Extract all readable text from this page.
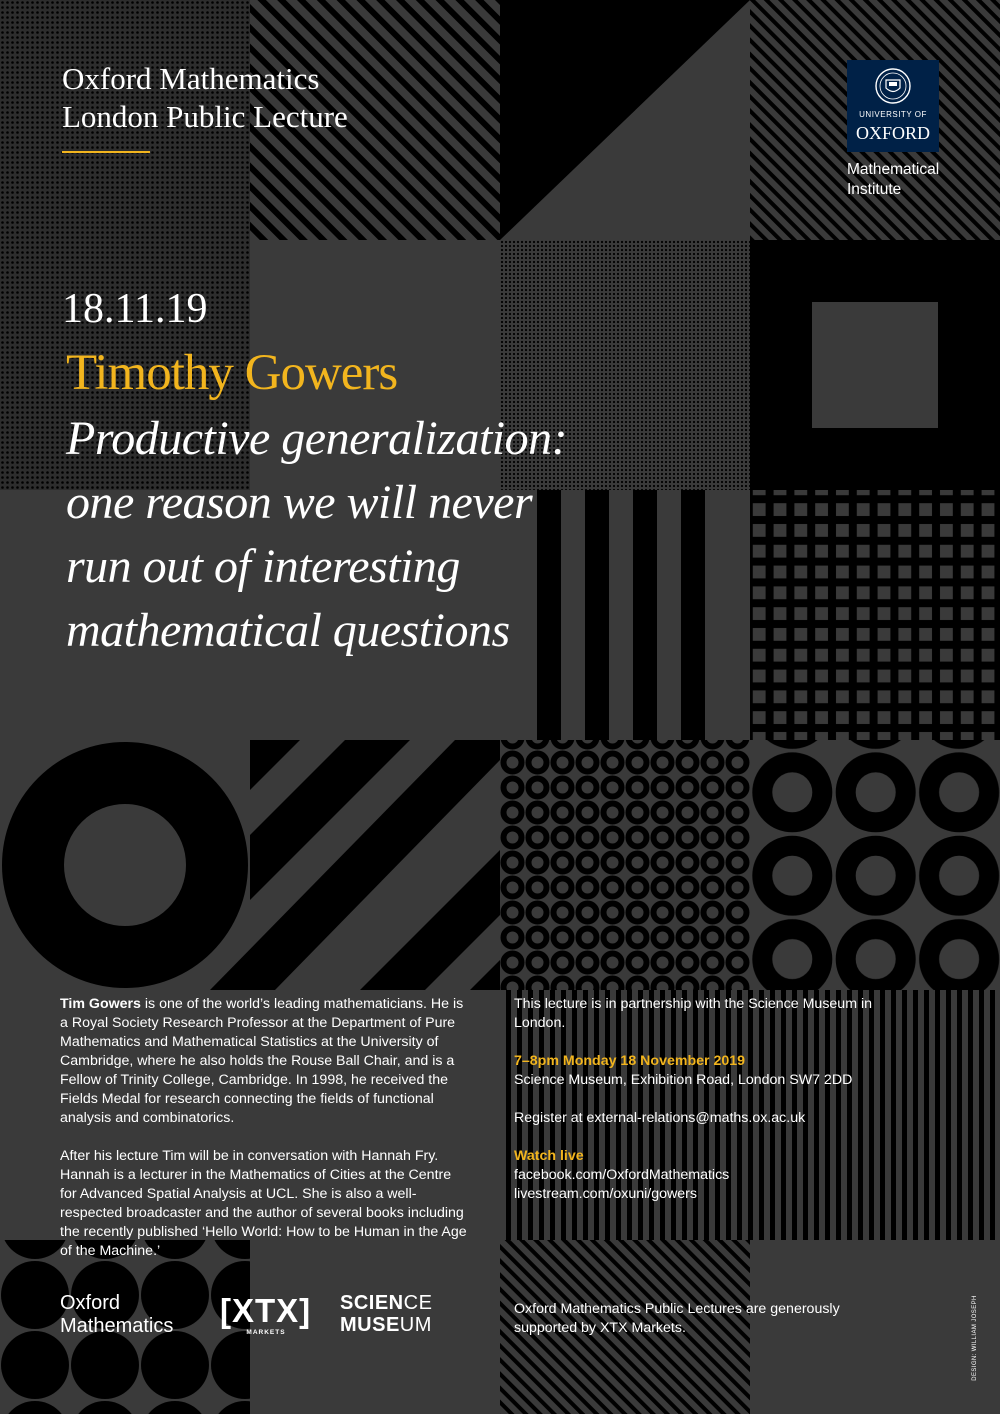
Oxford Mathematics
London Public Lecture	UNIVERSITY OF
OXFORD
Mathematical
Institute
18.11.19
Timothy Gowers
Productive generalization:
one reason we will never
run out of interesting
mathematical questions

Tim Gowers is one of the world’s leading mathematicians. He is a Royal Society Research Professor at the Department of Pure Mathematics and Mathematical Statistics at the University of Cambridge, where he also holds the Rouse Ball Chair, and is a Fellow of Trinity College, Cambridge. In 1998, he received the Fields Medal for research connecting the fields of functional analysis and combinatorics.

After his lecture Tim will be in conversation with Hannah Fry. Hannah is a lecturer in the Mathematics of Cities at the Centre for Advanced Spatial Analysis at UCL. She is also a well-respected broadcaster and the author of several books including the recently published ‘Hello World: How to be Human in the Age of the Machine.’

This lecture is in partnership with the Science Museum in London.

7–8pm Monday 18 November 2019
Science Museum, Exhibition Road, London SW7 2DD

Register at external-relations@maths.ox.ac.uk

Watch live
facebook.com/OxfordMathematics
livestream.com/oxuni/gowers

Oxford
Mathematics [XTX]
MARKETS
SCIENCE
MUSEUM
Oxford Mathematics Public Lectures are generously
supported by XTX Markets.	DESIGN: WILLIAM JOSEPH
